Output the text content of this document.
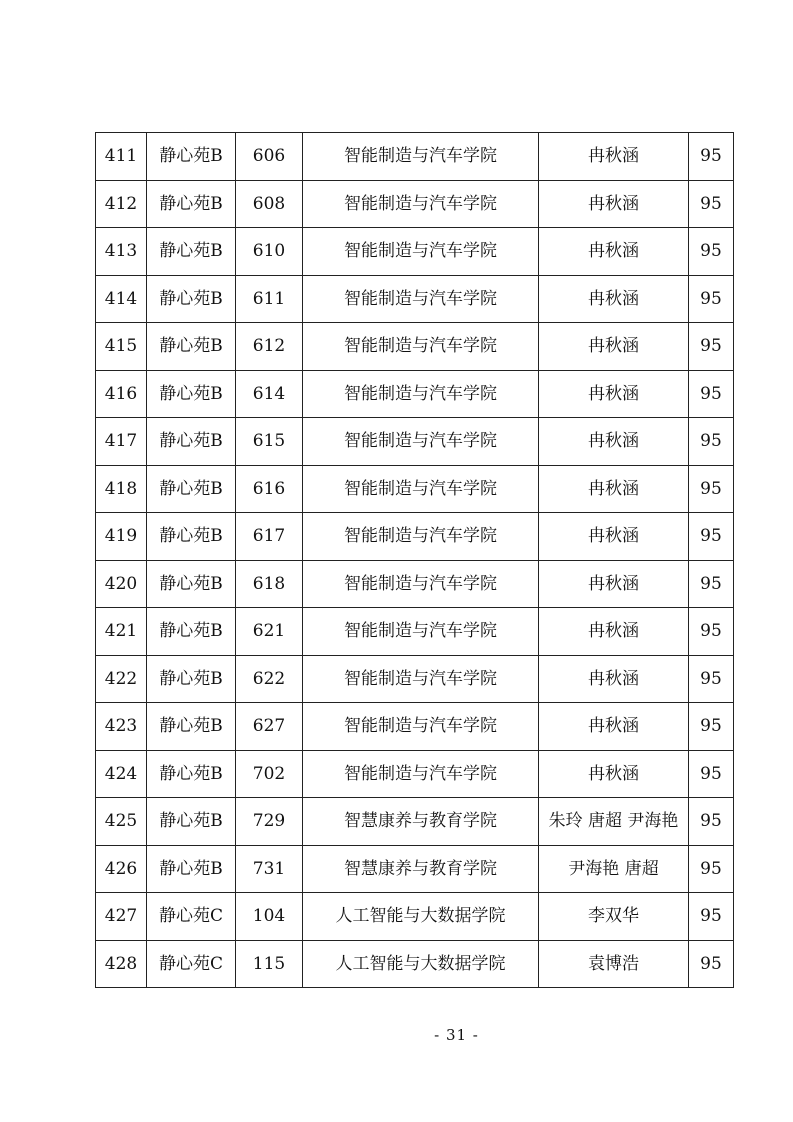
411	静心苑B	606	智能制造与汽车学院	冉秋涵	95
412	静心苑B	608	智能制造与汽车学院	冉秋涵	95
413	静心苑B	610	智能制造与汽车学院	冉秋涵	95
414	静心苑B	611	智能制造与汽车学院	冉秋涵	95
415	静心苑B	612	智能制造与汽车学院	冉秋涵	95
416	静心苑B	614	智能制造与汽车学院	冉秋涵	95
417	静心苑B	615	智能制造与汽车学院	冉秋涵	95
418	静心苑B	616	智能制造与汽车学院	冉秋涵	95
419	静心苑B	617	智能制造与汽车学院	冉秋涵	95
420	静心苑B	618	智能制造与汽车学院	冉秋涵	95
421	静心苑B	621	智能制造与汽车学院	冉秋涵	95
422	静心苑B	622	智能制造与汽车学院	冉秋涵	95
423	静心苑B	627	智能制造与汽车学院	冉秋涵	95
424	静心苑B	702	智能制造与汽车学院	冉秋涵	95
425	静心苑B	729	智慧康养与教育学院	朱玲 唐超 尹海艳	95
426	静心苑B	731	智慧康养与教育学院	尹海艳 唐超	95
427	静心苑C	104	人工智能与大数据学院	李双华	95
428	静心苑C	115	人工智能与大数据学院	袁博浩	95
- 31 -
